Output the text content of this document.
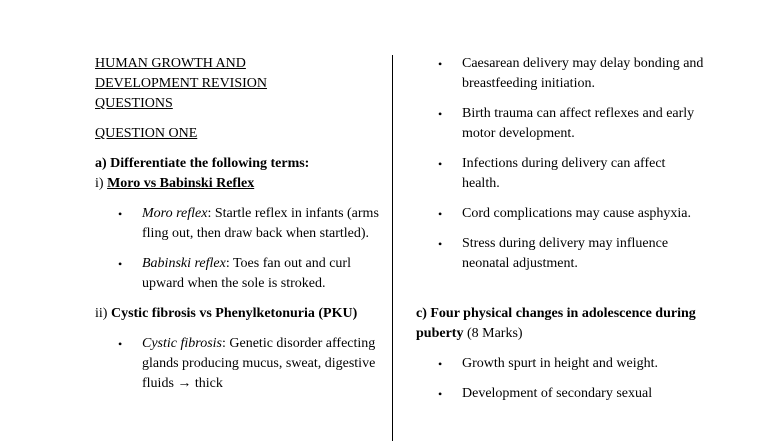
HUMAN GROWTH AND

DEVELOPMENT REVISION

QUESTIONS

QUESTION ONE

a) Differentiate the following terms:

i) Moro vs Babinski Reflex

• Moro reflex: Startle reflex in infants (arms fling out, then draw back when startled).
• Babinski reflex: Toes fan out and curl upward when the sole is stroked.

ii) Cystic fibrosis vs Phenylketonuria (PKU)

• Cystic fibrosis: Genetic disorder affecting glands producing mucus, sweat, digestive fluids → thick
• Caesarean delivery may delay bonding and breastfeeding initiation.
• Birth trauma can affect reflexes and early motor development.
• Infections during delivery can affect health.
• Cord complications may cause asphyxia.
• Stress during delivery may influence neonatal adjustment.

c) Four physical changes in adolescence during puberty (8 Marks)

• Growth spurt in height and weight.
• Development of secondary sexual
